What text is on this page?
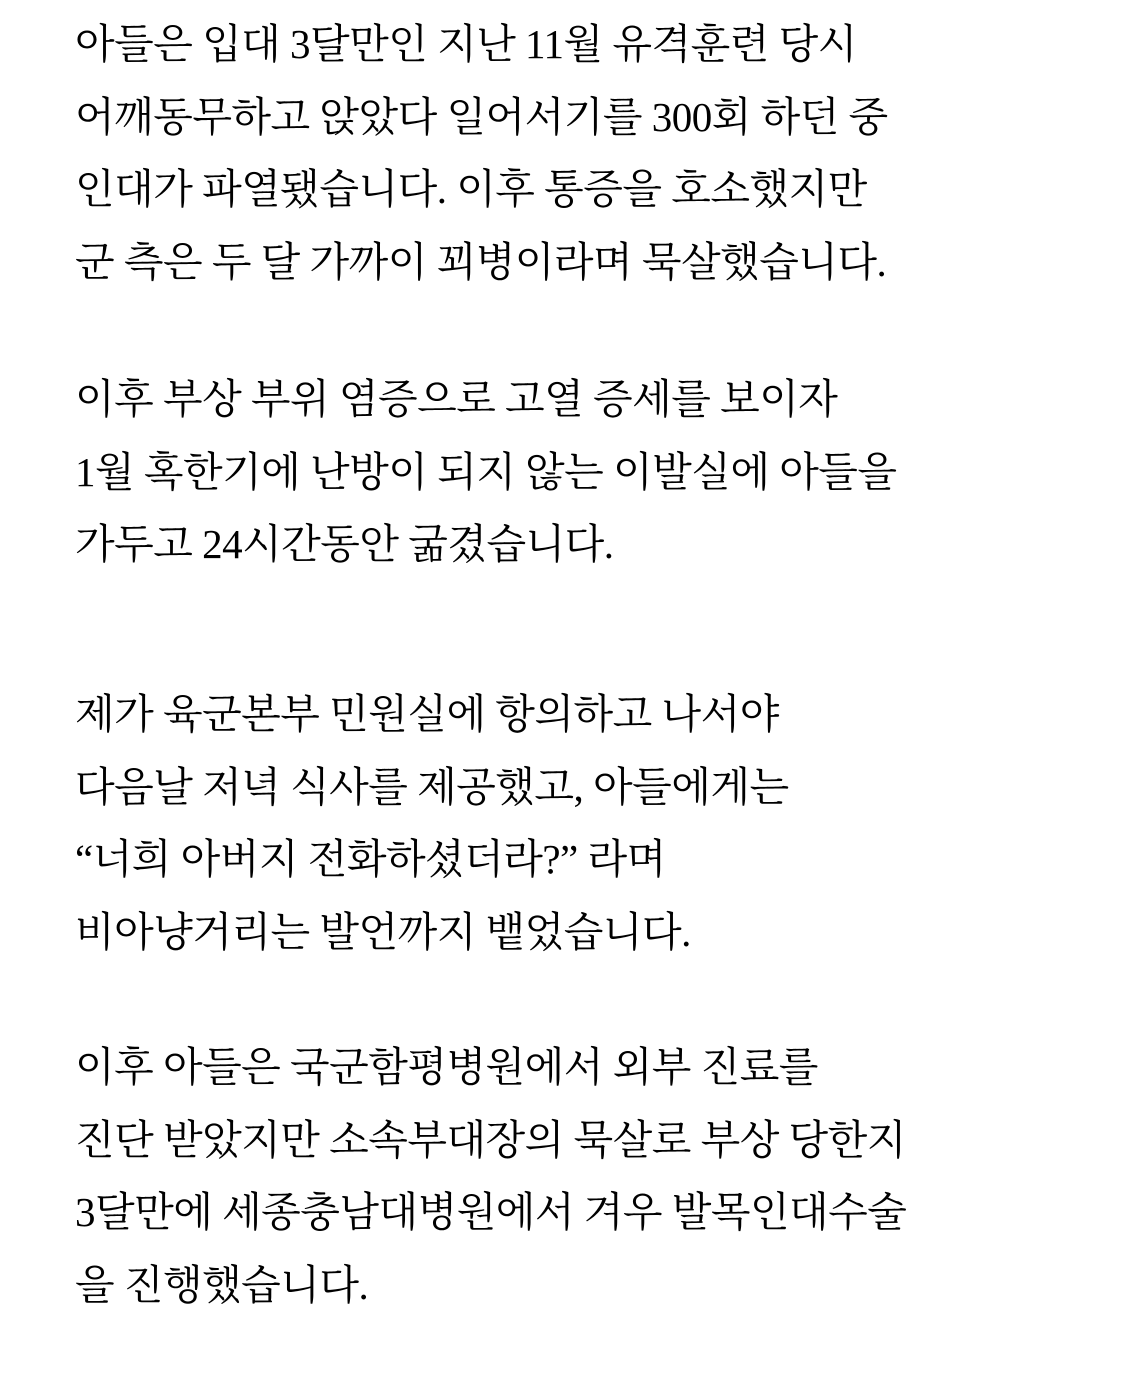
아들은 입대 3달만인 지난 11월 유격훈련 당시
어깨동무하고 앉았다 일어서기를 300회 하던 중
인대가 파열됐습니다. 이후 통증을 호소했지만
군 측은 두 달 가까이 꾀병이라며 묵살했습니다.
이후 부상 부위 염증으로 고열 증세를 보이자
1월 혹한기에 난방이 되지 않는 이발실에 아들을
가두고 24시간동안 굶겼습니다.
제가 육군본부 민원실에 항의하고 나서야
다음날 저녁 식사를 제공했고, 아들에게는
“너희 아버지 전화하셨더라?” 라며
비아냥거리는 발언까지 뱉었습니다.
이후 아들은 국군함평병원에서 외부 진료를
진단 받았지만 소속부대장의 묵살로 부상 당한지
3달만에 세종충남대병원에서 겨우 발목인대수술
을 진행했습니다.
